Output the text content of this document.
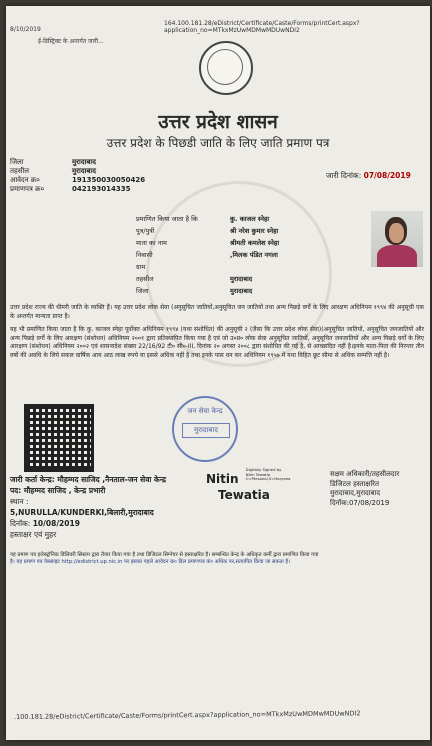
8/10/2019
164.100.181.28/eDistrict/Certificate/Caste/Forms/printCert.aspx?application_no=MTkxMzUwMDMwMDUwNDI2
ई-डिस्ट्रिक्ट के अन्तर्गत जारी...
उत्तर प्रदेश शासन
उत्तर प्रदेश के पिछडी जाति के लिए जाति प्रमाण पत्र
जिला	मुरादाबाद
तहसील	मुरादाबाद
आवेदन क्र०	191350030050426
प्रमाणपत्र क्र०	042193014335
जारी दिनांक: 07/08/2019
प्रमाणित किया जाता है कि	कु. काजल स्नेहा
पुत्र/पुत्री	श्री नरेश कुमार स्नेहा
माता का नाम	श्रीमती कमलेश स्नेहा
निवासी	,मिलक पंडित नगला
ग्राम
तहसील	मुरादाबाद
जिला	मुरादाबाद
उत्तर प्रदेश राज्य की धीमरी जाति के व्यक्ति हैं। यह उत्तर प्रदेश लोक सेवा (अनुसूचित जातियों,अनुसूचित जन जातियों तथा अन्य पिछड़े वर्गों के लिए आरक्षण अधिनियम १९९४ की अनुसूची एक के अन्तर्गत मान्यता प्राप्त है।
यह भी प्रमाणित किया जाता है कि कु. काजल स्नेहा पूर्वोक्त अधिनियम १९९४ (यथा संशोधित) की अनुसूची २ (जैसा कि उत्तर प्रदेश लोक सेवा)(अनुसूचित जातियों, अनुसूचित जनजातियों और अन्य पिछड़े वर्गों के लिए आरक्षण (संशोधन) अधिनियम २००१ द्वारा प्रतिस्थापित किया गया है एवं जो उ०प्र० लोक सेवा अनुसूचित जातियों, अनुसूचित जनजातियों और अन्य पिछड़े वर्गों के लिए आरक्षण (संशोधन) अधिनियम २००२ एवं शासनादेश संख्या 22/16/92 टी० सी०-III, दिनांक २० अगस्त २००८ द्वारा संशोधित की गई है, से आच्छादित नहीं है।इनके माता-पिता की निरन्तर तीन वर्षो की अवधि के लिये सकल वार्षिक आय आठ लाख रुपये या इससे अधिक नहीं है तथा इनके पास धन कर अधिनियम १९५७ में यथा विहित छूट सीमा से अधिक सम्पत्ति नहीं है।
जन सेवा केन्द्र
मुरादाबाद
जारी कर्ता केन्द्र: मौहम्मद साजिद ,नैनताल-जन सेवा केन्द्र
पद: मौहम्मद साजिद , केन्द्र प्रभारी
स्थान :
5,NURULLA/KUNDERKI,बिलारी,मुरादाबाद
दिनॉक: 10/08/2019
हस्ताक्षर एवं मुहर
Nitin Digitally Signed by Nitin Tewatia C=Personal,S=Haryana
Tewatia
सक्षम अधिकारी/तहसीलदार
डिजिटल हस्ताक्षरित
मुरादाबाद,मुरादाबाद
दिनॉक:07/08/2019
यह प्रमाण पत्र इलेक्ट्रॉनिक डिलिवरी सिस्टम द्वारा तैयार किया गया है तथा डिजिटल सिग्नेचर से हस्ताक्षरित है। सम्बन्धित केन्द्र के अधिकृत कर्मी द्वारा प्रमाणित किया गया
है। यह प्रमाण पत्र वेबसाइट http://edistrict.up.nic.in पर इसका पहले आवेदन क० डिल प्रमाणपत्र कं० अधिक पर,सत्यापित किया जा सकता है।
.100.181.28/eDistrict/Certificate/Caste/Forms/printCert.aspx?application_no=MTkxMzUwMDMwMDUwNDI2
